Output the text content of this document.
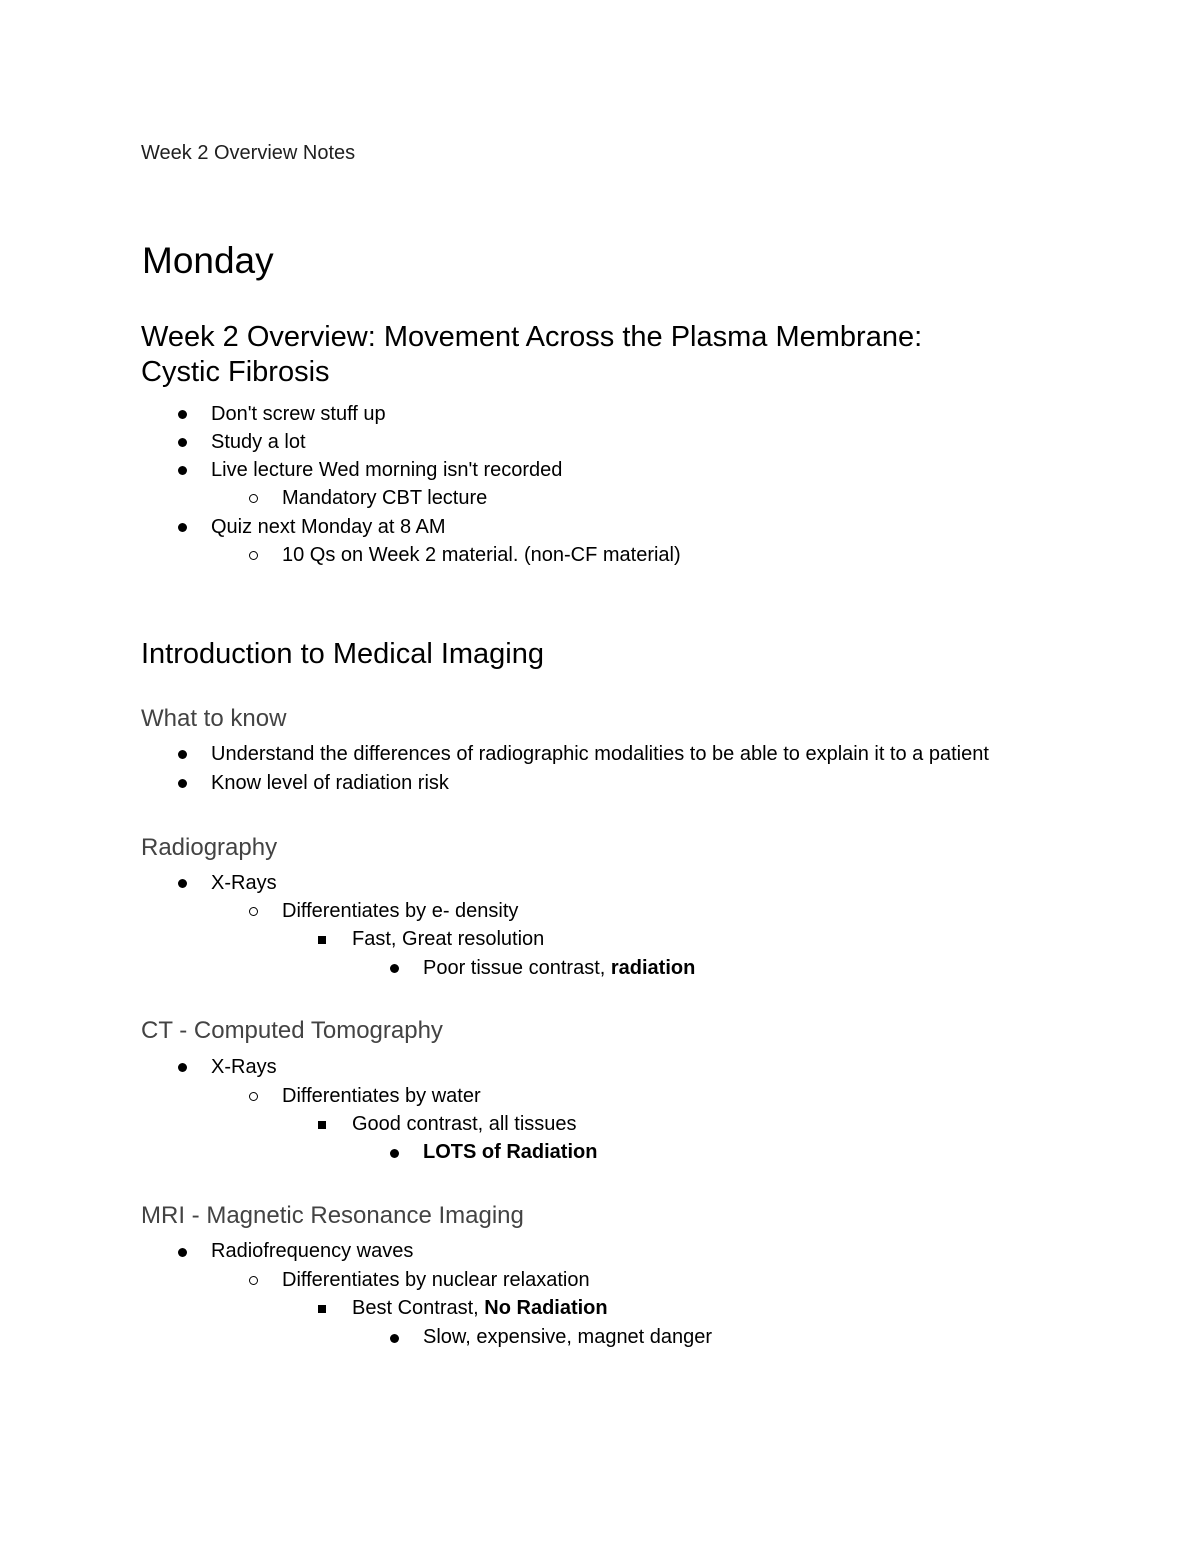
Week 2 Overview Notes
Monday
Week 2 Overview: Movement Across the Plasma Membrane:
Cystic Fibrosis
Don't screw stuff up
Study a lot
Live lecture Wed morning isn't recorded
Mandatory CBT lecture
Quiz next Monday at 8 AM
10 Qs on Week 2 material. (non-CF material)
Introduction to Medical Imaging
What to know
Understand the differences of radiographic modalities to be able to explain it to a patient
Know level of radiation risk
Radiography
X-Rays
Differentiates by e- density
Fast, Great resolution
Poor tissue contrast, radiation
CT - Computed Tomography
X-Rays
Differentiates by water
Good contrast, all tissues
LOTS of Radiation
MRI - Magnetic Resonance Imaging
Radiofrequency waves
Differentiates by nuclear relaxation
Best Contrast, No Radiation
Slow, expensive, magnet danger
